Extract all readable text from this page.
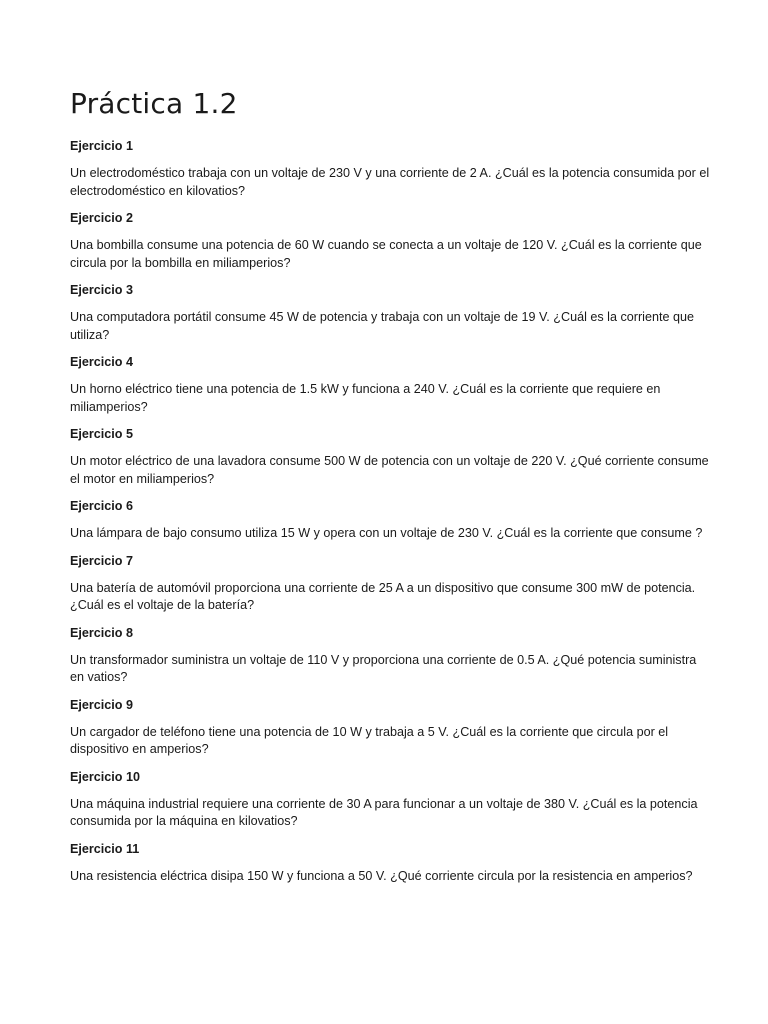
Práctica 1.2
Ejercicio 1

Un electrodoméstico trabaja con un voltaje de 230 V y una corriente de 2 A. ¿Cuál es la potencia consumida por el electrodoméstico en kilovatios?

Ejercicio 2

Una bombilla consume una potencia de 60 W cuando se conecta a un voltaje de 120 V. ¿Cuál es la corriente que circula por la bombilla en miliamperios?

Ejercicio 3

Una computadora portátil consume 45 W de potencia y trabaja con un voltaje de 19 V. ¿Cuál es la corriente que utiliza?

Ejercicio 4

Un horno eléctrico tiene una potencia de 1.5 kW y funciona a 240 V. ¿Cuál es la corriente que requiere en miliamperios?

Ejercicio 5

Un motor eléctrico de una lavadora consume 500 W de potencia con un voltaje de 220 V. ¿Qué corriente consume el motor en miliamperios?

Ejercicio 6

Una lámpara de bajo consumo utiliza 15 W y opera con un voltaje de 230 V. ¿Cuál es la corriente que consume ?

Ejercicio 7

Una batería de automóvil proporciona una corriente de 25 A a un dispositivo que consume 300 mW de potencia. ¿Cuál es el voltaje de la batería?

Ejercicio 8

Un transformador suministra un voltaje de 110 V y proporciona una corriente de 0.5 A. ¿Qué potencia suministra en vatios?

Ejercicio 9

Un cargador de teléfono tiene una potencia de 10 W y trabaja a 5 V. ¿Cuál es la corriente que circula por el dispositivo en amperios?

Ejercicio 10

Una máquina industrial requiere una corriente de 30 A para funcionar a un voltaje de 380 V. ¿Cuál es la potencia consumida por la máquina en kilovatios?

Ejercicio 11

Una resistencia eléctrica disipa 150 W y funciona a 50 V. ¿Qué corriente circula por la resistencia en amperios?
